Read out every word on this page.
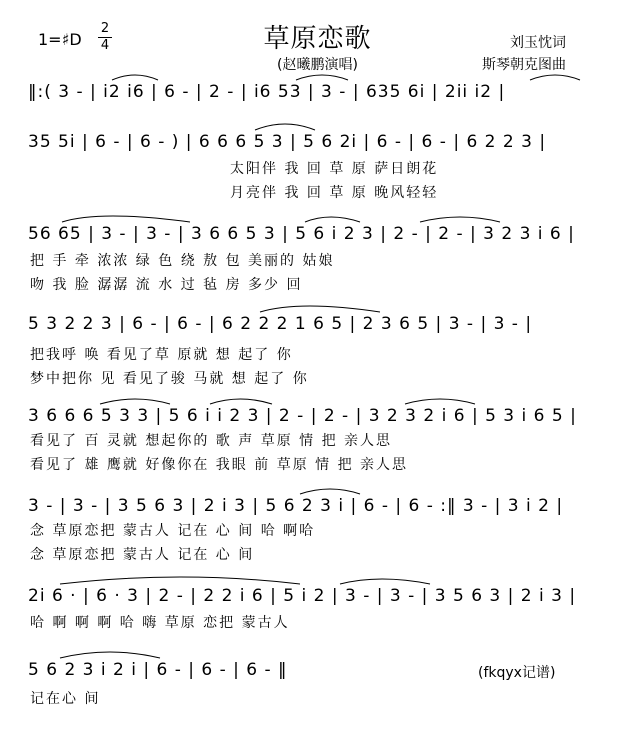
草原恋歌
(赵曦鹏演唱)
1=♯D
2
4	刘玉忱词
斯琴朝克图曲
‖:( 3 - | i2 i6 | 6 - | 2 - | i6 53 | 3 - | 635 6i | 2ii i2 |
35 5i | 6 - | 6 - ) | 6 6 6 5 3 | 5 6 2i | 6 - | 6 - | 6 2 2 3 |
太阳伴 我 回 草 原 萨日朗花
月亮伴 我 回 草 原 晚风轻轻
56 65 | 3 - | 3 - | 3 6 6 5 3 | 5 6 i 2 3 | 2 - | 2 - | 3 2 3 i 6 |
把 手 牵 浓浓 绿 色 绕 敖 包 美丽的 姑娘
吻 我 脸 潺潺 流 水 过 毡 房 多少 回
5 3 2 2 3 | 6 - | 6 - | 6 2 2 2 1 6 5 | 2 3 6 5 | 3 - | 3 - |
把我呼 唤 看见了草 原就 想 起了 你
梦中把你 见 看见了骏 马就 想 起了 你
3 6 6 6 5 3 3 | 5 6 i i 2 3 | 2 - | 2 - | 3 2 3 2 i 6 | 5 3 i 6 5 |
看见了 百 灵就 想起你的 歌 声 草原 情 把 亲人思
看见了 雄 鹰就 好像你在 我眼 前 草原 情 把 亲人思
3 - | 3 - | 3 5 6 3 | 2 i 3 | 5 6 2 3 i | 6 - | 6 - :‖ 3 - | 3 i 2 |
念 草原恋把 蒙古人 记在 心 间 哈 啊哈
念 草原恋把 蒙古人 记在 心 间
2i 6 · | 6 · 3 | 2 - | 2 2 i 6 | 5 i 2 | 3 - | 3 - | 3 5 6 3 | 2 i 3 |
哈 啊 啊 啊 哈 嗨 草原 恋把 蒙古人
5 6 2 3 i 2 i | 6 - | 6 - | 6 - ‖
记在心 间
(fkqyx记谱)
